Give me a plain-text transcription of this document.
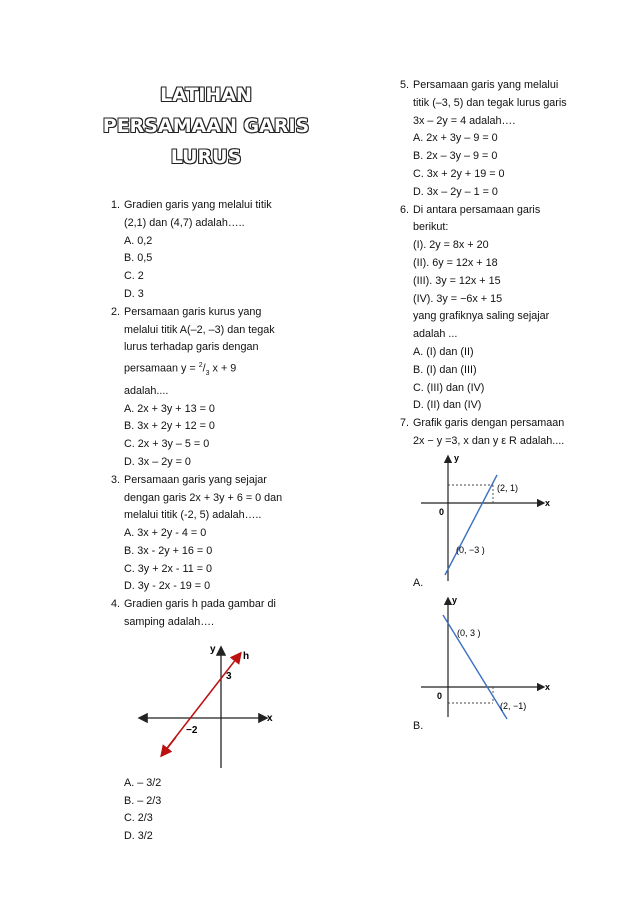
LATIHAN
PERSAMAAN GARIS
LURUS
1. Gradien garis yang melalui titik
(2,1) dan (4,7) adalah…..
A. 0,2
B. 0,5
C. 2
D. 3
2. Persamaan garis kurus yang
melalui titik A(–2, –3) dan tegak
lurus terhadap garis dengan
persamaan $y = ^2/_3$ x + 9
adalah....
A. 2x + 3y + 13 = 0
B. 3x + 2y + 12 = 0
C. 2x + 3y – 5 = 0
D. 3x – 2y = 0
3. Persamaan garis yang sejajar
dengan garis 2x + 3y + 6 = 0 dan
melalui titik (-2, 5) adalah…..
A. 3x + 2y - 4 = 0
B. 3x - 2y + 16 = 0
C. 3y + 2x - 11 = 0
D. 3y - 2x - 19 = 0
4. Gradien garis h pada gambar di
samping adalah….
y
x
h
3
−2
A. – 3/2
B. – 2/3
C. 2/3
D. 3/2
5. Persamaan garis yang melalui
titik (–3, 5) dan tegak lurus garis
3x – 2y = 4 adalah….
A. 2x + 3y – 9 = 0
B. 2x – 3y – 9 = 0
C. 3x + 2y + 19 = 0
D. 3x – 2y – 1 = 0
6. Di antara persamaan garis
berikut:
(I). 2y = 8x + 20
(II). 6y = 12x + 18
(III). 3y = 12x + 15
(IV). 3y = −6x + 15
yang grafiknya saling sejajar
adalah ...
A. (I) dan (II)
B. (I) dan (III)
C. (III) dan (IV)
D. (II) dan (IV)
7. Grafik garis dengan persamaan
2x − y =3, x dan y ε R adalah....
y
x
0
(2, 1)
(0, −3 )
A.
y
x
0
(0, 3 )
(2, −1)
B.
